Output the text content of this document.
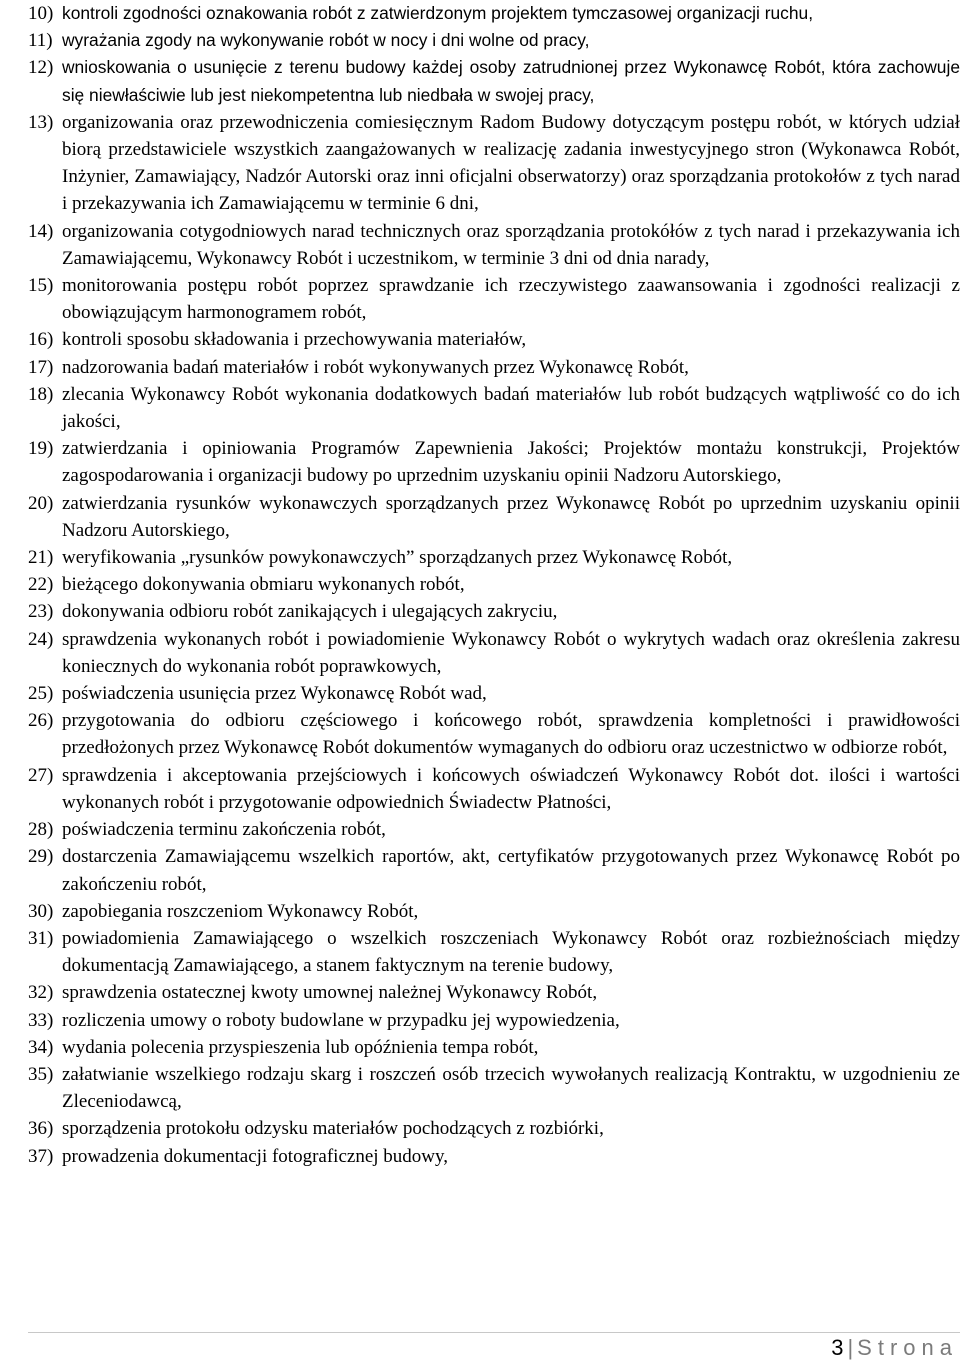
10) kontroli zgodności oznakowania robót z zatwierdzonym projektem tymczasowej organizacji ruchu,
11) wyrażania zgody na wykonywanie robót w nocy i dni wolne od pracy,
12) wnioskowania o usunięcie z terenu budowy każdej osoby zatrudnionej przez Wykonawcę Robót, która zachowuje się niewłaściwie lub jest niekompetentna lub niedbała w swojej pracy,
13) organizowania oraz przewodniczenia comiesięcznym Radom Budowy dotyczącym postępu robót, w których udział biorą przedstawiciele wszystkich zaangażowanych w realizację zadania inwestycyjnego stron (Wykonawca Robót, Inżynier, Zamawiający, Nadzór Autorski oraz inni oficjalni obserwatorzy) oraz sporządzania protokołów z tych narad i przekazywania ich Zamawiającemu w terminie 6 dni,
14) organizowania cotygodniowych narad technicznych oraz sporządzania protokółów z tych narad i przekazywania ich Zamawiającemu, Wykonawcy Robót i uczestnikom, w terminie 3 dni od dnia narady,
15) monitorowania postępu robót poprzez sprawdzanie ich rzeczywistego zaawansowania i zgodności realizacji z obowiązującym harmonogramem robót,
16) kontroli sposobu składowania i przechowywania materiałów,
17) nadzorowania badań materiałów i robót wykonywanych przez Wykonawcę Robót,
18) zlecania Wykonawcy Robót wykonania dodatkowych badań materiałów lub robót budzących wątpliwość co do ich jakości,
19) zatwierdzania i opiniowania Programów Zapewnienia Jakości; Projektów montażu konstrukcji, Projektów zagospodarowania i organizacji budowy po uprzednim uzyskaniu opinii Nadzoru Autorskiego,
20) zatwierdzania rysunków wykonawczych sporządzanych przez Wykonawcę Robót po uprzednim uzyskaniu opinii Nadzoru Autorskiego,
21) weryfikowania „rysunków powykonawczych” sporządzanych przez Wykonawcę Robót,
22) bieżącego dokonywania obmiaru wykonanych robót,
23) dokonywania odbioru robót zanikających i ulegających zakryciu,
24) sprawdzenia wykonanych robót i powiadomienie Wykonawcy Robót o wykrytych wadach oraz określenia zakresu koniecznych do wykonania robót poprawkowych,
25) poświadczenia usunięcia przez Wykonawcę Robót wad,
26) przygotowania do odbioru częściowego i końcowego robót, sprawdzenia kompletności i prawidłowości przedłożonych przez Wykonawcę Robót dokumentów wymaganych do odbioru oraz uczestnictwo w odbiorze robót,
27) sprawdzenia i akceptowania przejściowych i końcowych oświadczeń Wykonawcy Robót dot. ilości i wartości wykonanych robót i przygotowanie odpowiednich Świadectw Płatności,
28) poświadczenia terminu zakończenia robót,
29) dostarczenia Zamawiającemu wszelkich raportów, akt, certyfikatów przygotowanych przez Wykonawcę Robót po zakończeniu robót,
30) zapobiegania roszczeniom Wykonawcy Robót,
31) powiadomienia Zamawiającego o wszelkich roszczeniach Wykonawcy Robót oraz rozbieżnościach między dokumentacją Zamawiającego, a stanem faktycznym na terenie budowy,
32) sprawdzenia ostatecznej kwoty umownej należnej Wykonawcy Robót,
33) rozliczenia umowy o roboty budowlane w przypadku jej wypowiedzenia,
34) wydania polecenia przyspieszenia lub opóźnienia tempa robót,
35) załatwianie wszelkiego rodzaju skarg i roszczeń osób trzecich wywołanych realizacją Kontraktu, w uzgodnieniu ze Zleceniodawcą,
36) sporządzenia protokołu odzysku materiałów pochodzących z rozbiórki,
37) prowadzenia dokumentacji fotograficznej budowy,
3 | Strona
